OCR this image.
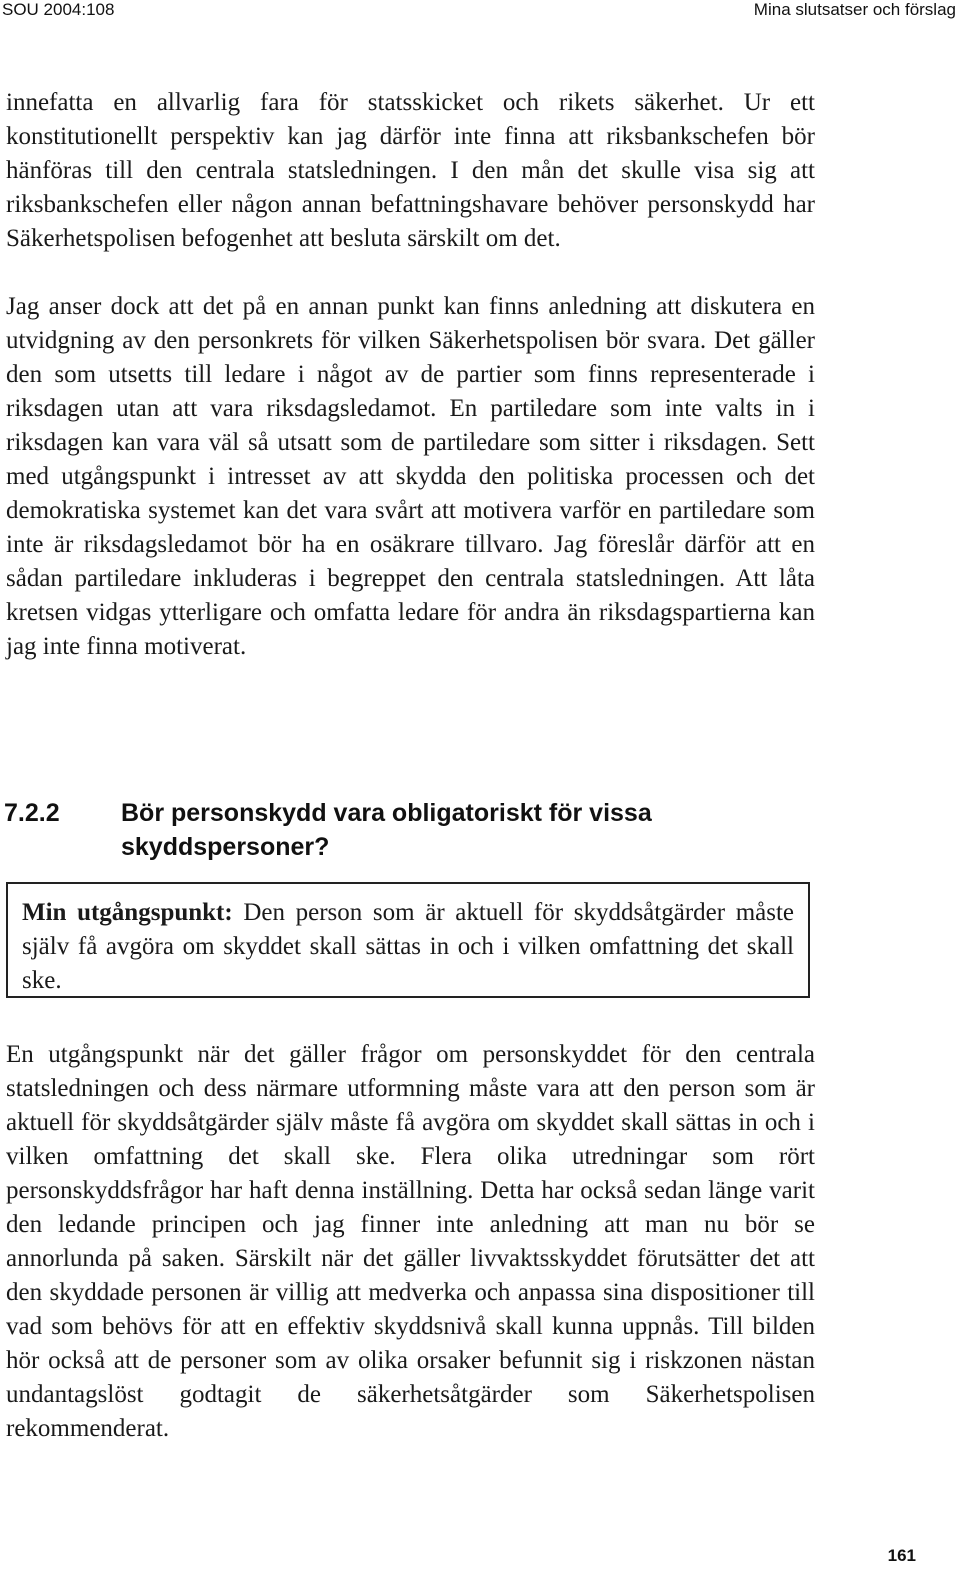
SOU 2004:108	Mina slutsatser och förslag

innefatta en allvarlig fara för statsskicket och rikets säkerhet. Ur ett konstitutionellt perspektiv kan jag därför inte finna att riksbankschefen bör hänföras till den centrala statsledningen. I den mån det skulle visa sig att riksbankschefen eller någon annan befattningshavare behöver personskydd har Säkerhetspolisen befogenhet att besluta särskilt om det.

Jag anser dock att det på en annan punkt kan finns anledning att diskutera en utvidgning av den personkrets för vilken Säkerhetspolisen bör svara. Det gäller den som utsetts till ledare i något av de partier som finns representerade i riksdagen utan att vara riksdagsledamot. En partiledare som inte valts in i riksdagen kan vara väl så utsatt som de partiledare som sitter i riksdagen. Sett med utgångspunkt i intresset av att skydda den politiska processen och det demokratiska systemet kan det vara svårt att motivera varför en partiledare som inte är riksdagsledamot bör ha en osäkrare tillvaro. Jag föreslår därför att en sådan partiledare inkluderas i begreppet den centrala statsledningen. Att låta kretsen vidgas ytterligare och omfatta ledare för andra än riksdagspartierna kan jag inte finna motiverat.

7.2.2 Bör personskydd vara obligatoriskt för vissa skyddspersoner?

Min utgångspunkt: Den person som är aktuell för skyddsåtgärder måste själv få avgöra om skyddet skall sättas in och i vilken omfattning det skall ske.

En utgångspunkt när det gäller frågor om personskyddet för den centrala statsledningen och dess närmare utformning måste vara att den person som är aktuell för skyddsåtgärder själv måste få avgöra om skyddet skall sättas in och i vilken omfattning det skall ske. Flera olika utredningar som rört personskyddsfrågor har haft denna inställning. Detta har också sedan länge varit den ledande principen och jag finner inte anledning att man nu bör se annorlunda på saken. Särskilt när det gäller livvaktsskyddet förutsätter det att den skyddade personen är villig att medverka och anpassa sina dispositioner till vad som behövs för att en effektiv skyddsnivå skall kunna uppnås. Till bilden hör också att de personer som av olika orsaker befunnit sig i riskzonen nästan undantagslöst godtagit de säkerhetsåtgärder som Säkerhetspolisen rekommenderat.

161
